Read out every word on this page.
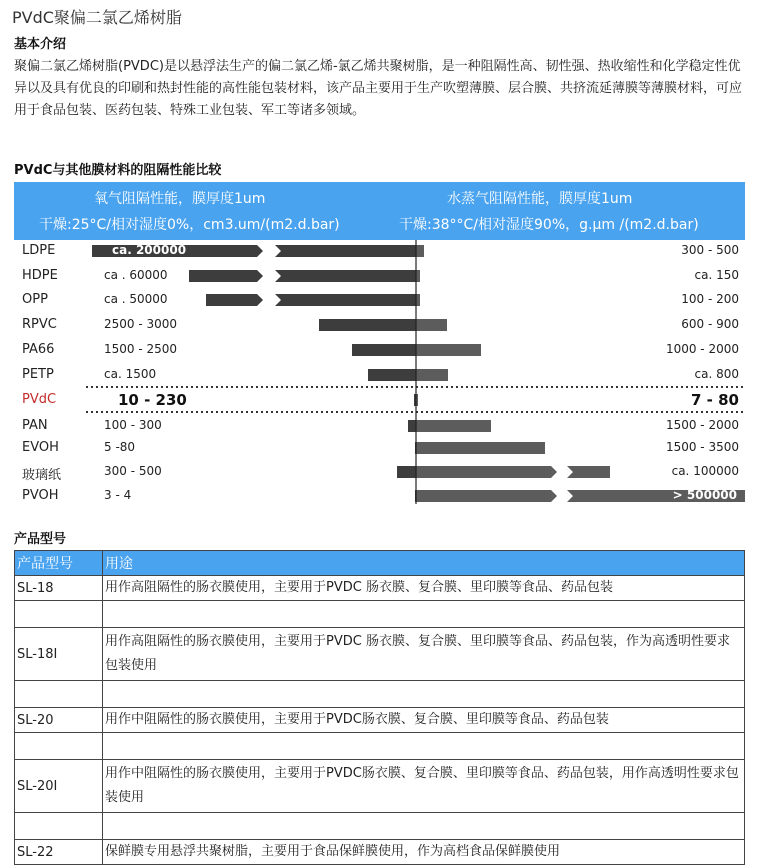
PVdC聚偏二氯乙烯树脂
基本介绍
聚偏二氯乙烯树脂(PVDC)是以悬浮法生产的偏二氯乙烯-氯乙烯共聚树脂，是一种阻隔性高、韧性强、热收缩性和化学稳定性优异以及具有优良的印刷和热封性能的高性能包装材料，该产品主要用于生产吹塑薄膜、层合膜、共挤流延薄膜等薄膜材料，可应用于食品包装、医药包装、特殊工业包装、军工等诸多领域。
PVdC与其他膜材料的阻隔性能比较
氧气阻隔性能，膜厚度1um
干燥:25°C/相对湿度0%，cm3.um/(m2.d.bar)
水蒸气阻隔性能，膜厚度1um
干燥:38°°C/相对湿度90%，g.μm /(m2.d.bar)
LDPE	ca. 200000	300 - 500
HDPE	ca . 60000	ca. 150
OPP	ca . 50000	100 - 200
RPVC	2500 - 3000	600 - 900
PA66	1500 - 2500	1000 - 2000
PETP	ca. 1500	ca. 800
PVdC	10 - 230	7 - 80
PAN	100 - 300	1500 - 2000
EVOH	5 -80	1500 - 3500
玻璃纸	300 - 500	ca. 100000
PVOH	3 - 4	> 500000
产品型号
产品型号	用途
SL-18	用作高阻隔性的肠衣膜使用，主要用于PVDC 肠衣膜、复合膜、里印膜等食品、药品包装

SL-18I	用作高阻隔性的肠衣膜使用，主要用于PVDC 肠衣膜、复合膜、里印膜等食品、药品包装，作为高透明性要求包装使用

SL-20	用作中阻隔性的肠衣膜使用，主要用于PVDC肠衣膜、复合膜、里印膜等食品、药品包装

SL-20I	用作中阻隔性的肠衣膜使用，主要用于PVDC肠衣膜、复合膜、里印膜等食品、药品包装，用作高透明性要求包装使用

SL-22	保鲜膜专用悬浮共聚树脂，主要用于食品保鲜膜使用，作为高档食品保鲜膜使用
